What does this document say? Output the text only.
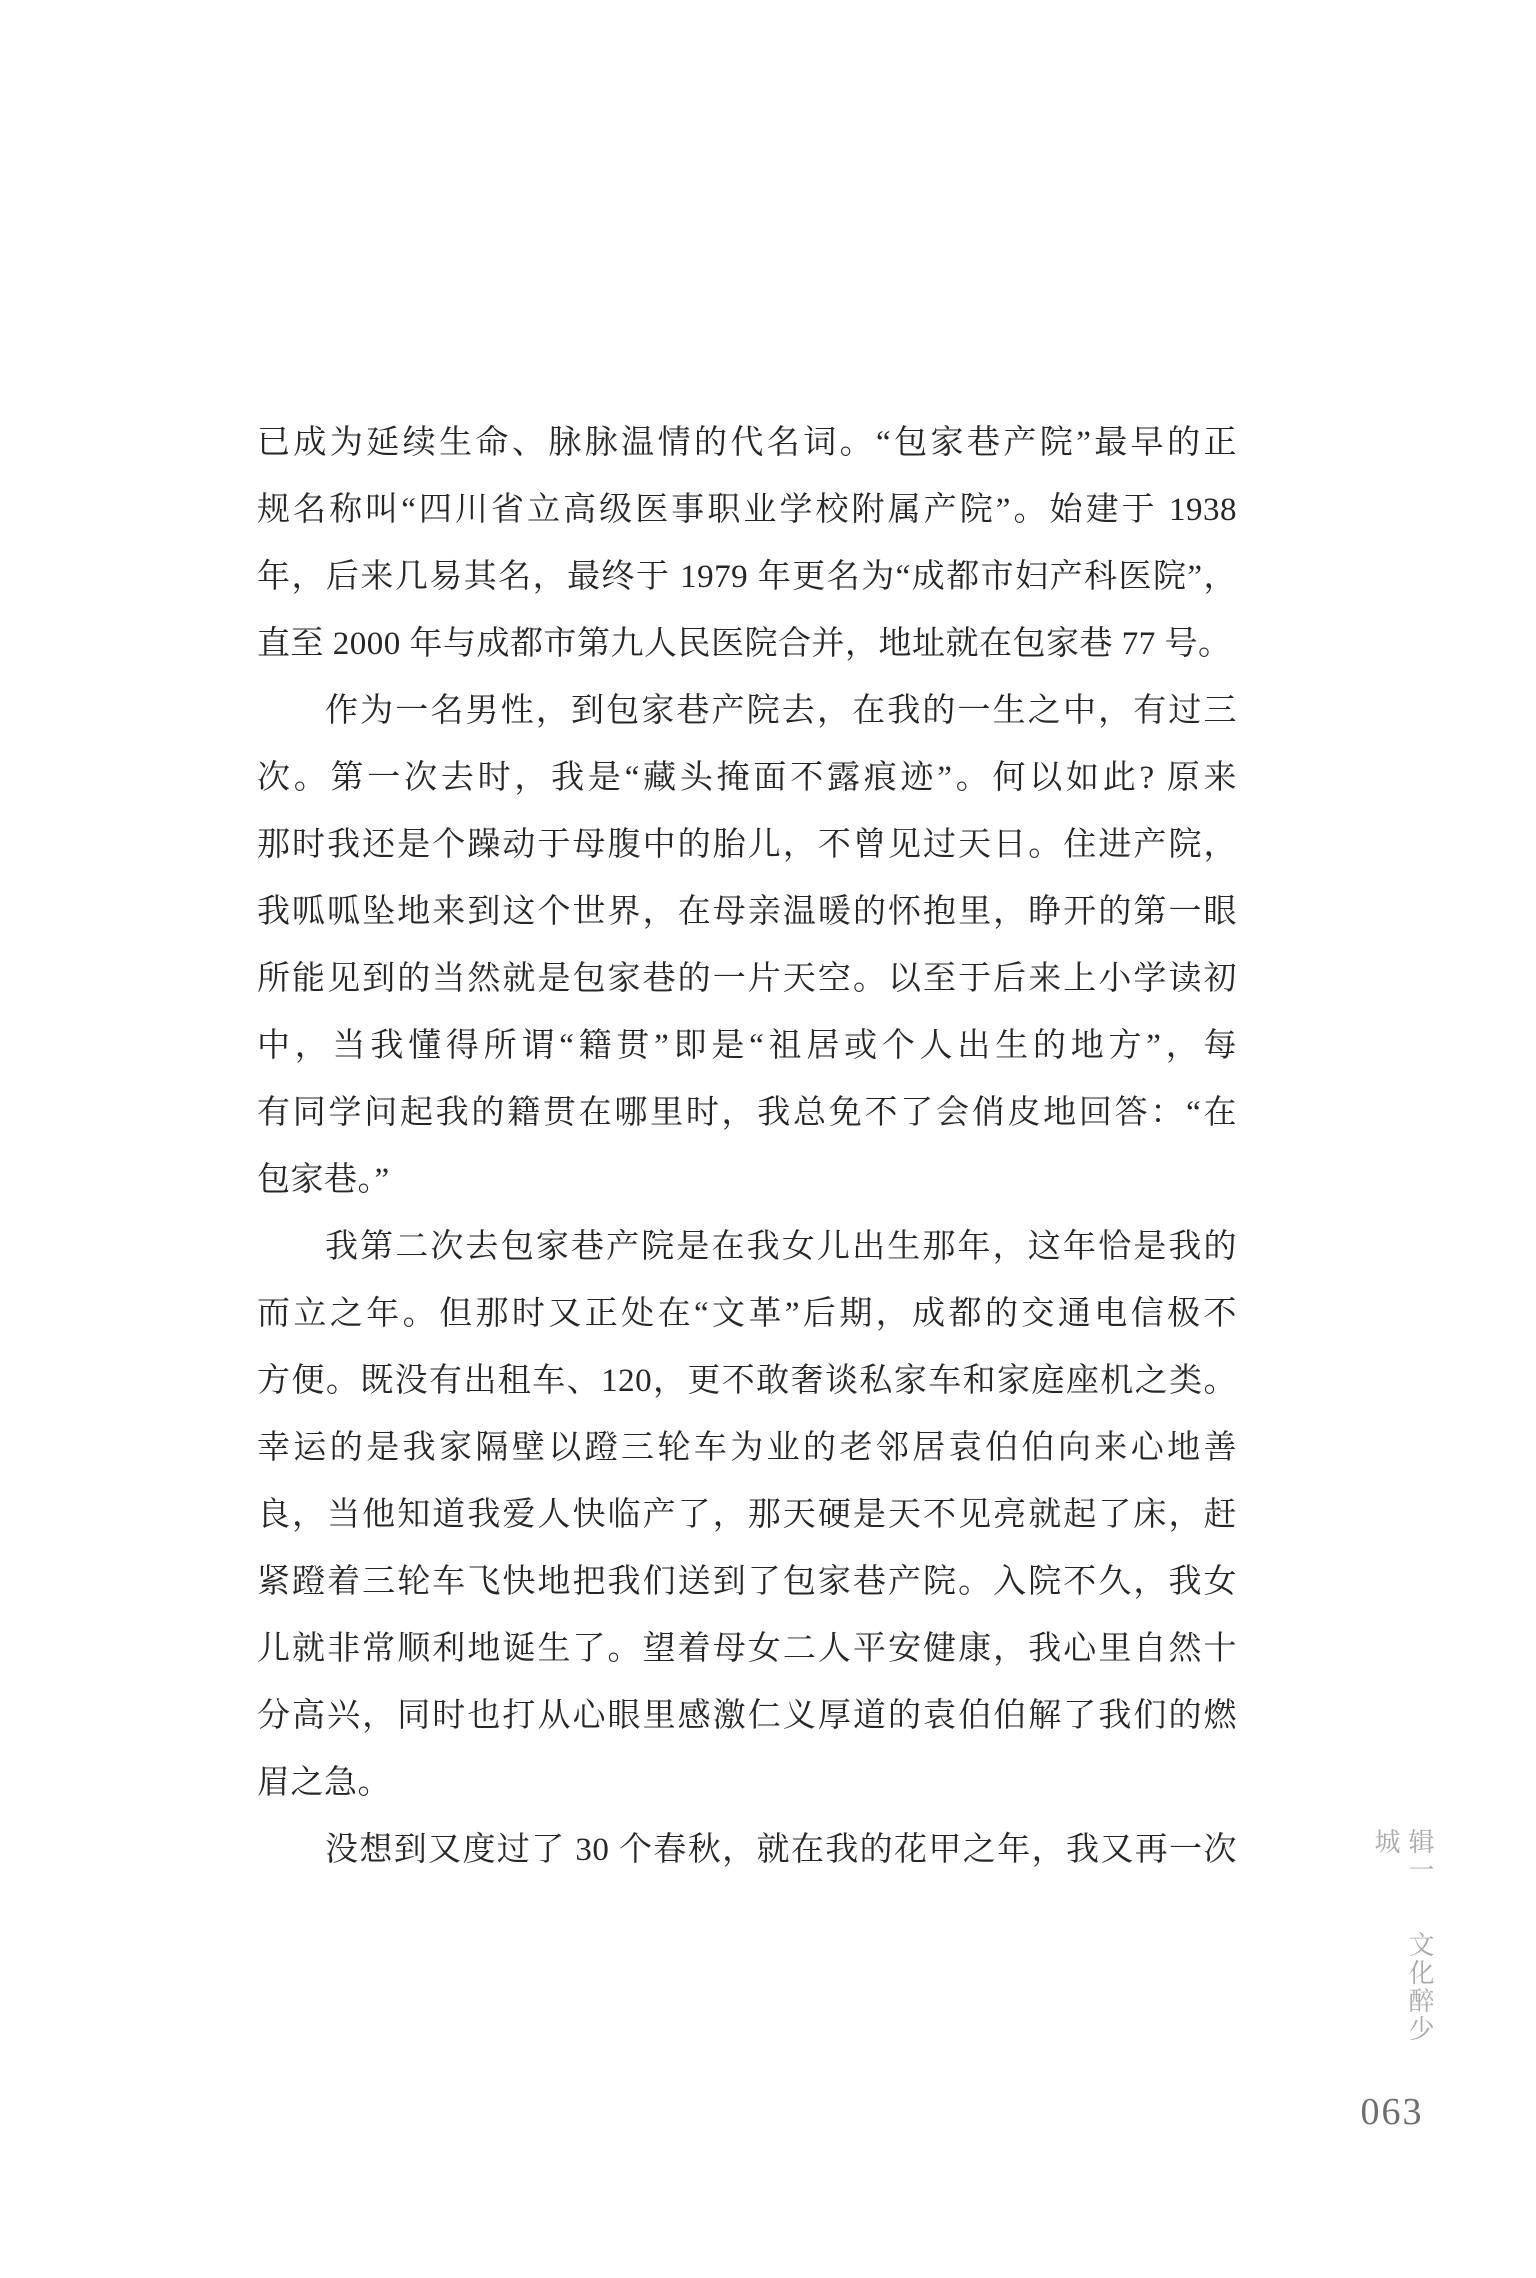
已成为延续生命、脉脉温情的代名词。“包家巷产院”最早的正
规名称叫“四川省立高级医事职业学校附属产院”。始建于 1938
年，后来几易其名，最终于 1979 年更名为“成都市妇产科医院”，
直至 2000 年与成都市第九人民医院合并，地址就在包家巷 77 号。
作为一名男性，到包家巷产院去，在我的一生之中，有过三
次。第一次去时，我是“藏头掩面不露痕迹”。何以如此? 原来
那时我还是个躁动于母腹中的胎儿，不曾见过天日。住进产院，
我呱呱坠地来到这个世界，在母亲温暖的怀抱里，睁开的第一眼
所能见到的当然就是包家巷的一片天空。以至于后来上小学读初
中，当我懂得所谓“籍贯”即是“祖居或个人出生的地方”，每
有同学问起我的籍贯在哪里时，我总免不了会俏皮地回答：“在
包家巷。”
我第二次去包家巷产院是在我女儿出生那年，这年恰是我的
而立之年。但那时又正处在“文革”后期，成都的交通电信极不
方便。既没有出租车、120，更不敢奢谈私家车和家庭座机之类。
幸运的是我家隔壁以蹬三轮车为业的老邻居袁伯伯向来心地善
良，当他知道我爱人快临产了，那天硬是天不见亮就起了床，赶
紧蹬着三轮车飞快地把我们送到了包家巷产院。入院不久，我女
儿就非常顺利地诞生了。望着母女二人平安健康，我心里自然十
分高兴，同时也打从心眼里感激仁义厚道的袁伯伯解了我们的燃
眉之急。
没想到又度过了 30 个春秋，就在我的花甲之年，我又再一次	辑一 文化醉少城
063
